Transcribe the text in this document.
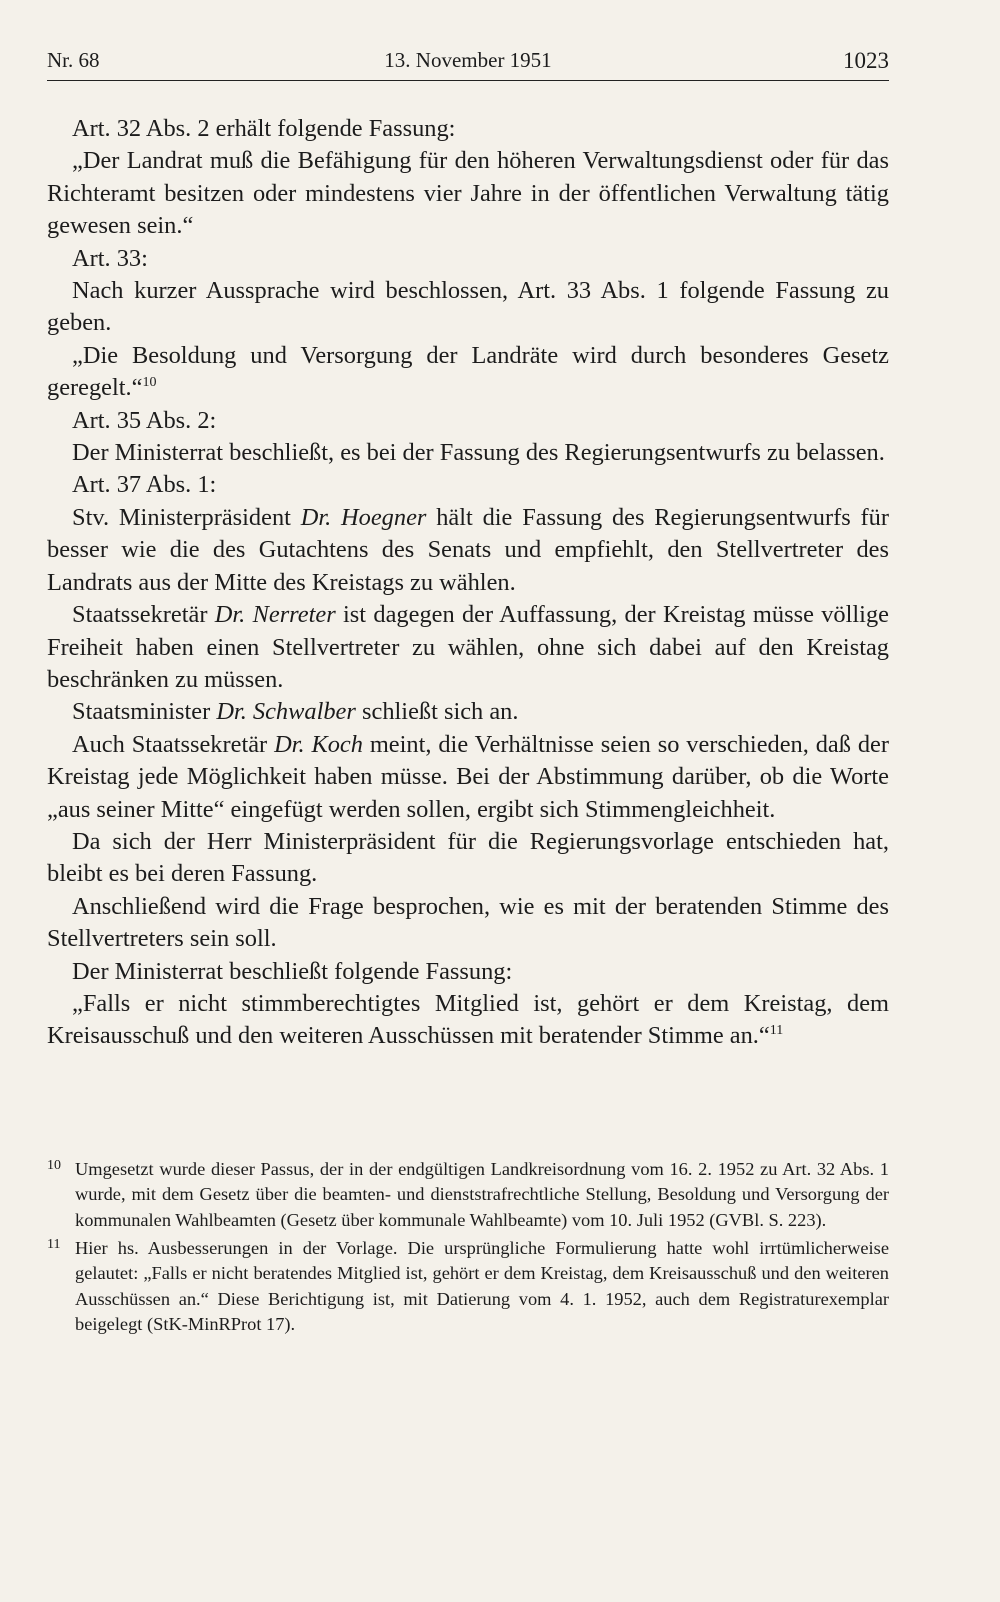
Nr. 68	13. November 1951	1023

Art. 32 Abs. 2 erhält folgende Fassung:

„Der Landrat muß die Befähigung für den höheren Verwaltungsdienst oder für das Richteramt besitzen oder mindestens vier Jahre in der öffentlichen Verwaltung tätig gewesen sein.“

Art. 33:

Nach kurzer Aussprache wird beschlossen, Art. 33 Abs. 1 folgende Fassung zu geben.

„Die Besoldung und Versorgung der Landräte wird durch besonderes Gesetz geregelt.“$^{10}$

Art. 35 Abs. 2:

Der Ministerrat beschließt, es bei der Fassung des Regierungsentwurfs zu belassen.

Art. 37 Abs. 1:

Stv. Ministerpräsident Dr. Hoegner hält die Fassung des Regierungsentwurfs für besser wie die des Gutachtens des Senats und empfiehlt, den Stellvertreter des Landrats aus der Mitte des Kreistags zu wählen.

Staatssekretär Dr. Nerreter ist dagegen der Auffassung, der Kreistag müsse völlige Freiheit haben einen Stellvertreter zu wählen, ohne sich dabei auf den Kreistag beschränken zu müssen.

Staatsminister Dr. Schwalber schließt sich an.

Auch Staatssekretär Dr. Koch meint, die Verhältnisse seien so verschieden, daß der Kreistag jede Möglichkeit haben müsse. Bei der Abstimmung darüber, ob die Worte „aus seiner Mitte“ eingefügt werden sollen, ergibt sich Stimmengleichheit.

Da sich der Herr Ministerpräsident für die Regierungsvorlage entschieden hat, bleibt es bei deren Fassung.

Anschließend wird die Frage besprochen, wie es mit der beratenden Stimme des Stellvertreters sein soll.

Der Ministerrat beschließt folgende Fassung:

„Falls er nicht stimmberechtigtes Mitglied ist, gehört er dem Kreistag, dem Kreisausschuß und den weiteren Ausschüssen mit beratender Stimme an.“$^{11}$

10 Umgesetzt wurde dieser Passus, der in der endgültigen Landkreisordnung vom 16. 2. 1952 zu Art. 32 Abs. 1 wurde, mit dem Gesetz über die beamten- und dienststrafrechtliche Stellung, Besoldung und Versorgung der kommunalen Wahlbeamten (Gesetz über kommunale Wahlbeamte) vom 10. Juli 1952 (GVBl. S. 223).
11 Hier hs. Ausbesserungen in der Vorlage. Die ursprüngliche Formulierung hatte wohl irrtümlicherweise gelautet: „Falls er nicht beratendes Mitglied ist, gehört er dem Kreistag, dem Kreisausschuß und den weiteren Ausschüssen an.“ Diese Berichtigung ist, mit Datierung vom 4. 1. 1952, auch dem Registraturexemplar beigelegt (StK-MinRProt 17).
